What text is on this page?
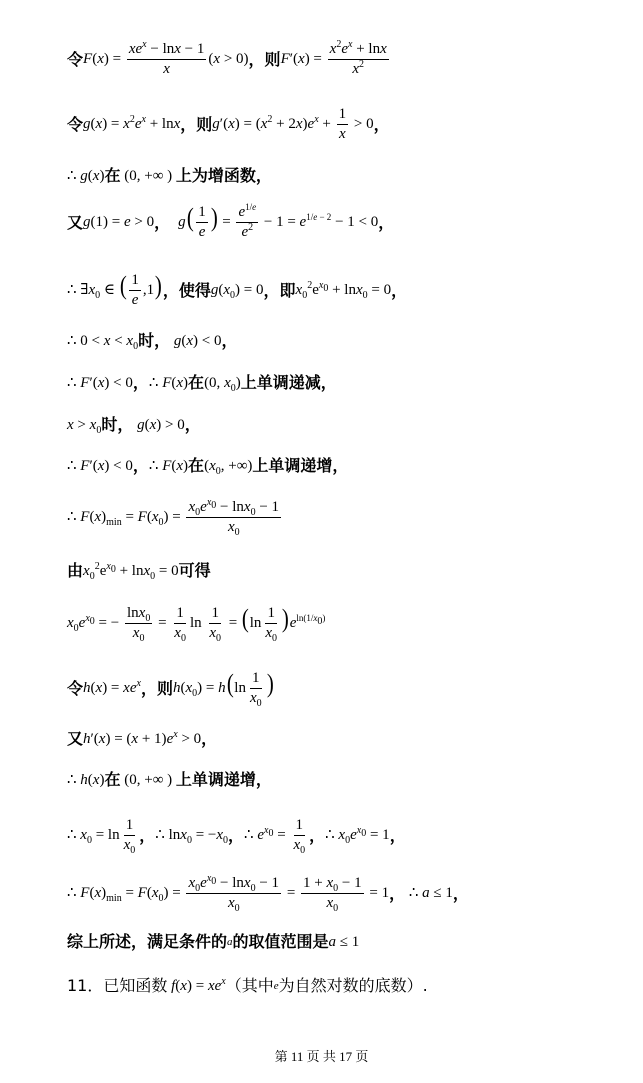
令 $F(x) = \frac{xe^x - \ln x - 1}{x} (x > 0)$ ， 则 $F'(x) = \frac{x^2e^x + \ln x}{x^2}$
令 $g(x) = x^2e^x + \ln x$ ， 则 $g'(x) = (x^2 + 2x)e^x + \frac{1}{x} > 0$ ，
∴ g(x) 在 (0, +∞ ) 上为增函数 ，
又 g(1) = e > 0 ， $g( \frac{1}{e}$ ) = $\frac{e^{1/e}}{e^2} - 1 = e^{1/e - 2} - 1 < 0$ ，
∴ $\exists x_0$ ∈ ( $\frac{1}{e} ,1$) ， 使得 $g(x_0) = 0$ ， 即 $x_0^2e^{x_0} + \ln x_0 = 0$ ，
∴ $0 < x < x_0$ 时 ， g(x) < 0 ，
∴ F′(x) < 0 ， ∴ F(x) 在 (0, $x_0$) 上单调递减 ，
$x > x_0$ 时 ， g(x) > 0 ，
∴ F′(x) < 0 ， ∴ F(x) 在 ($x_0$, +∞) 上单调递增 ，
∴ $F(x)_{min} = F(x_0) = \frac{x_0e^{x_0} - \ln x_0 - 1}{x_0}$
由 $x_0^2e^{x_0} + \ln x_0 = 0$ 可得
$x_0e^{x_0}$ = − $\frac{\ln x_0}{x_0} = \frac{1}{x_0}$ $\ln \frac{1}{x_0} = (\ln \frac{1}{x_0} )e^{ln(1/x_0)}$
令 $h(x) = xe^x$ ， 则 $h(x_0) = h(\ln \frac{1}{x_0}$ )
又 $h'(x) = (x + 1)e^x > 0$ ，
∴ h(x) 在 (0, +∞ ) 上单调递增 ，
∴ $x_0 = \ln \frac{1}{x_0}$ ， ∴ $\ln x_0 = -x_0$ ， ∴ $e^{x_0} = \frac{1}{x_0}$ ， ∴ $x_0e^{x_0} = 1$ ，
∴ $F(x)_{min} = F(x_0) = \frac{x_0e^{x_0} - \ln x_0 - 1}{x_0} = \frac{1 + x_0 - 1}{x_0} = 1$ ， ∴ a ≤ 1 ，
综上所述，满足条件的 a 的取值范围是 a ≤ 1
11．已知函数 $f(x) = xe^x$ （其中 e 为自然对数的底数）.
第 11 页 共 17 页
